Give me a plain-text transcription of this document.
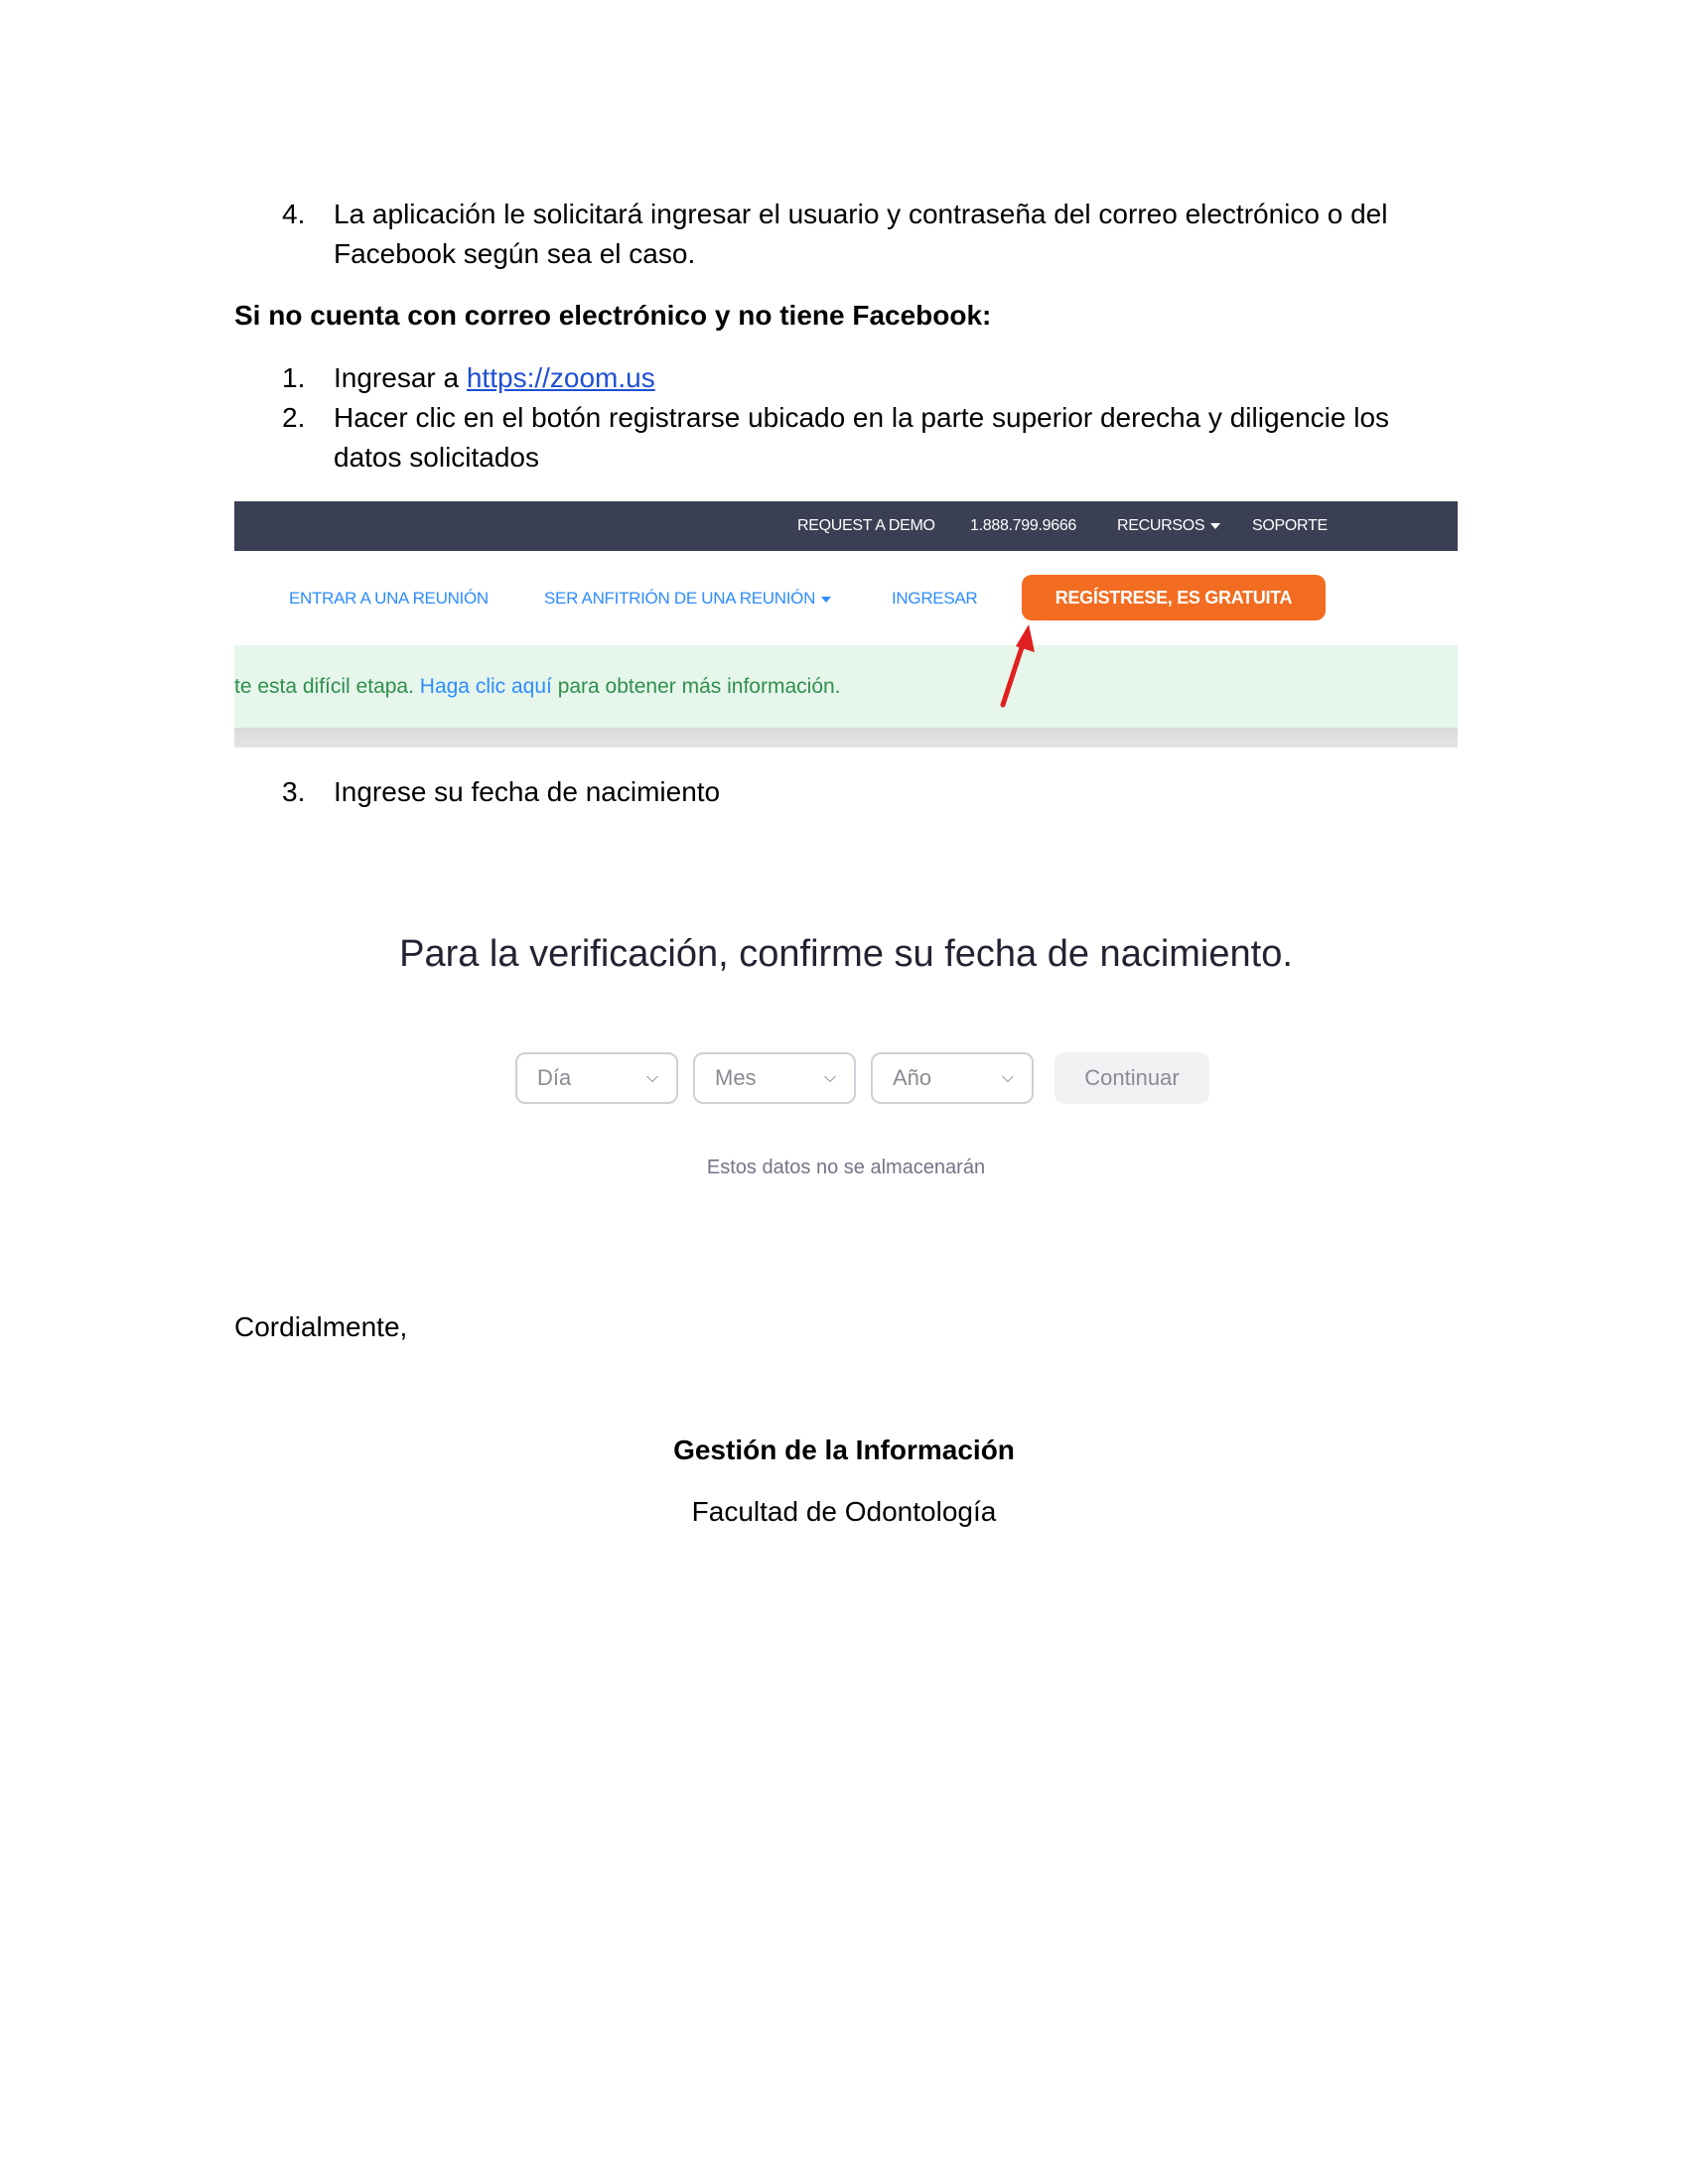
4. La aplicación le solicitará ingresar el usuario y contraseña del correo electrónico o del
Facebook según sea el caso.
Si no cuenta con correo electrónico y no tiene Facebook:
1. Ingresar a https://zoom.us
2. Hacer clic en el botón registrarse ubicado en la parte superior derecha y diligencie los
datos solicitados
REQUEST A DEMO 1.888.799.9666	RECURSOS	SOPORTE
ENTRAR A UNA REUNIÓN	SER ANFITRIÓN DE UNA REUNIÓN	INGRESAR	REGÍSTRESE, ES GRATUITA
te esta difícil etapa. Haga clic aquí para obtener más información.
3. Ingrese su fecha de nacimiento
Para la verificación, confirme su fecha de nacimiento.
Día	⌵	Mes	⌵	Año	⌵	Continuar
Estos datos no se almacenarán
Cordialmente,
Gestión de la Información
Facultad de Odontología
